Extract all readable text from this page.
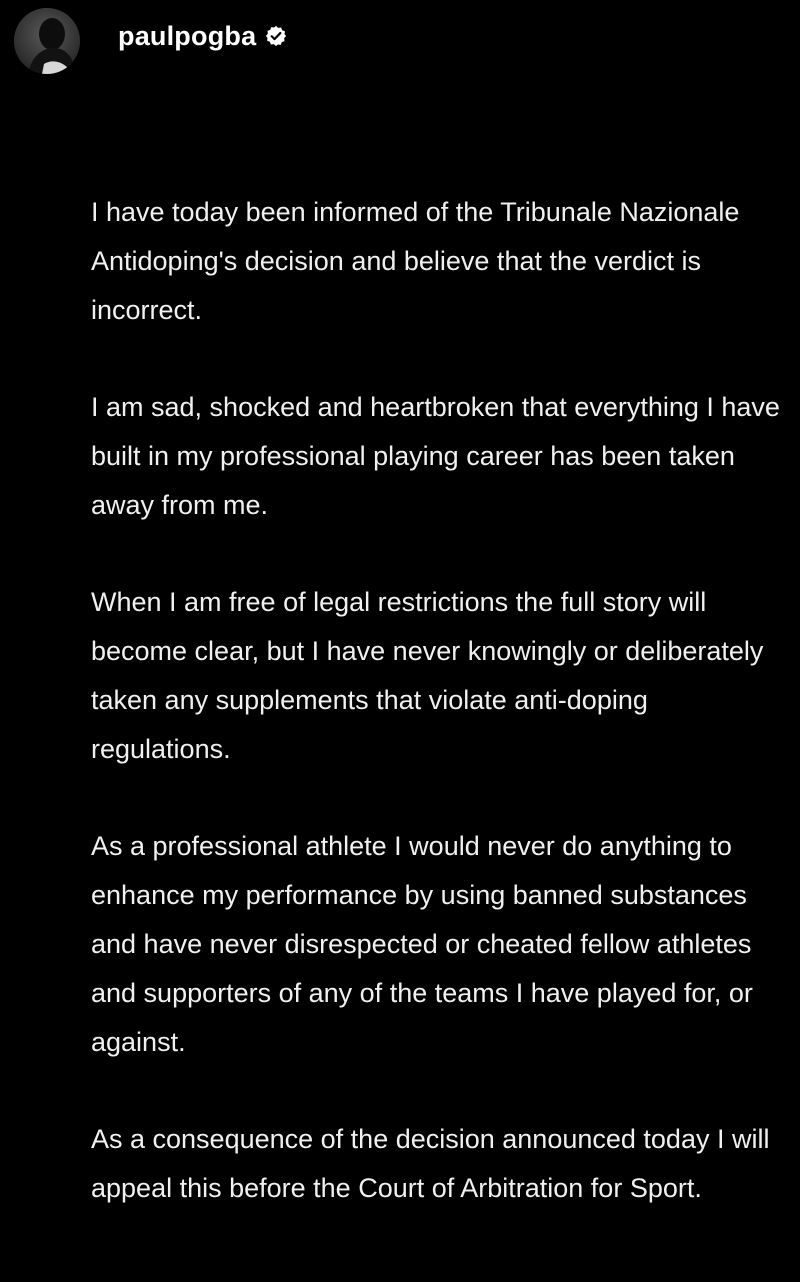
paulpogba

I have today been informed of the Tribunale Nazionale Antidoping's decision and believe that the verdict is incorrect.

I am sad, shocked and heartbroken that everything I have built in my professional playing career has been taken away from me.

When I am free of legal restrictions the full story will become clear, but I have never knowingly or deliberately taken any supplements that violate anti-doping regulations.

As a professional athlete I would never do anything to enhance my performance by using banned substances and have never disrespected or cheated fellow athletes and supporters of any of the teams I have played for, or against.

As a consequence of the decision announced today I will appeal this before the Court of Arbitration for Sport.
